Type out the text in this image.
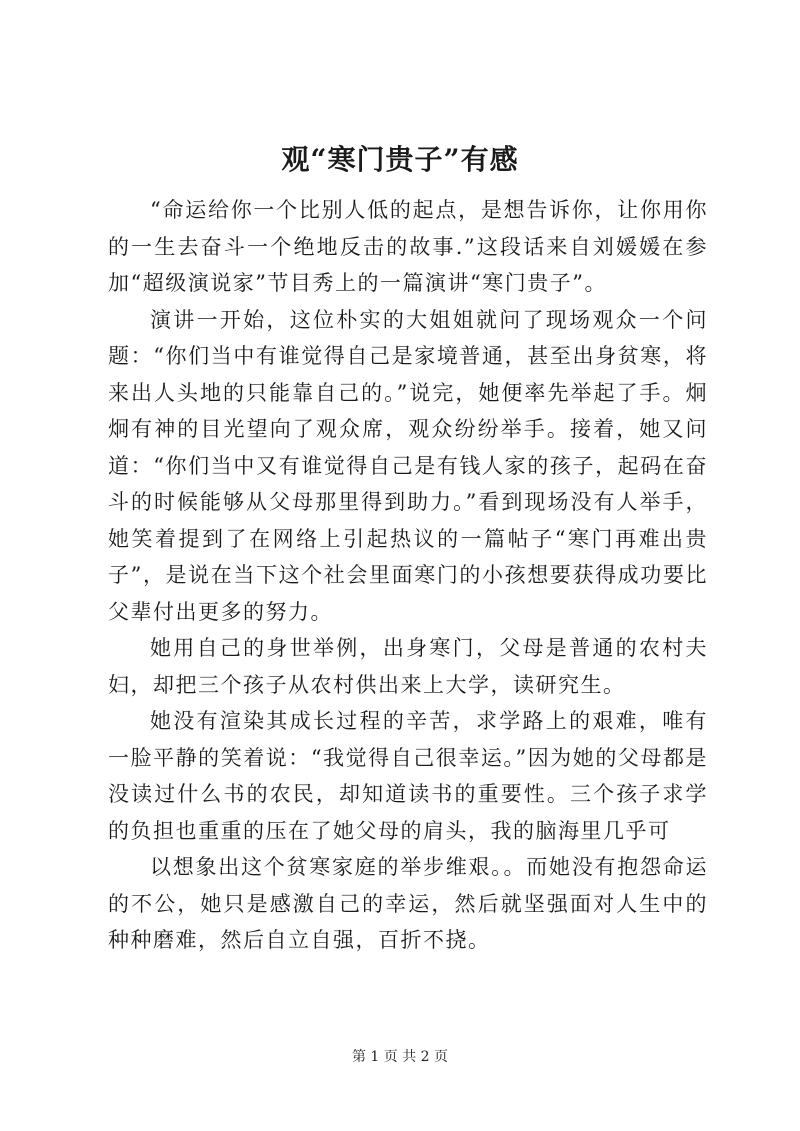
观“寒门贵子”有感

“命运给你一个比别人低的起点，是想告诉你，让你用你的一生去奋斗一个绝地反击的故事.”这段话来自刘媛媛在参加“超级演说家”节目秀上的一篇演讲“寒门贵子”。

演讲一开始，这位朴实的大姐姐就问了现场观众一个问题：“你们当中有谁觉得自己是家境普通，甚至出身贫寒，将来出人头地的只能靠自己的。”说完，她便率先举起了手。炯炯有神的目光望向了观众席，观众纷纷举手。接着，她又问道：“你们当中又有谁觉得自己是有钱人家的孩子，起码在奋斗的时候能够从父母那里得到助力。”看到现场没有人举手，她笑着提到了在网络上引起热议的一篇帖子“寒门再难出贵子”，是说在当下这个社会里面寒门的小孩想要获得成功要比父辈付出更多的努力。

她用自己的身世举例，出身寒门，父母是普通的农村夫妇，却把三个孩子从农村供出来上大学，读研究生。

她没有渲染其成长过程的辛苦，求学路上的艰难，唯有一脸平静的笑着说：“我觉得自己很幸运。”因为她的父母都是没读过什么书的农民，却知道读书的重要性。三个孩子求学的负担也重重的压在了她父母的肩头，我的脑海里几乎可

以想象出这个贫寒家庭的举步维艰。。而她没有抱怨命运的不公，她只是感激自己的幸运，然后就坚强面对人生中的种种磨难，然后自立自强，百折不挠。

第 1 页 共 2 页
